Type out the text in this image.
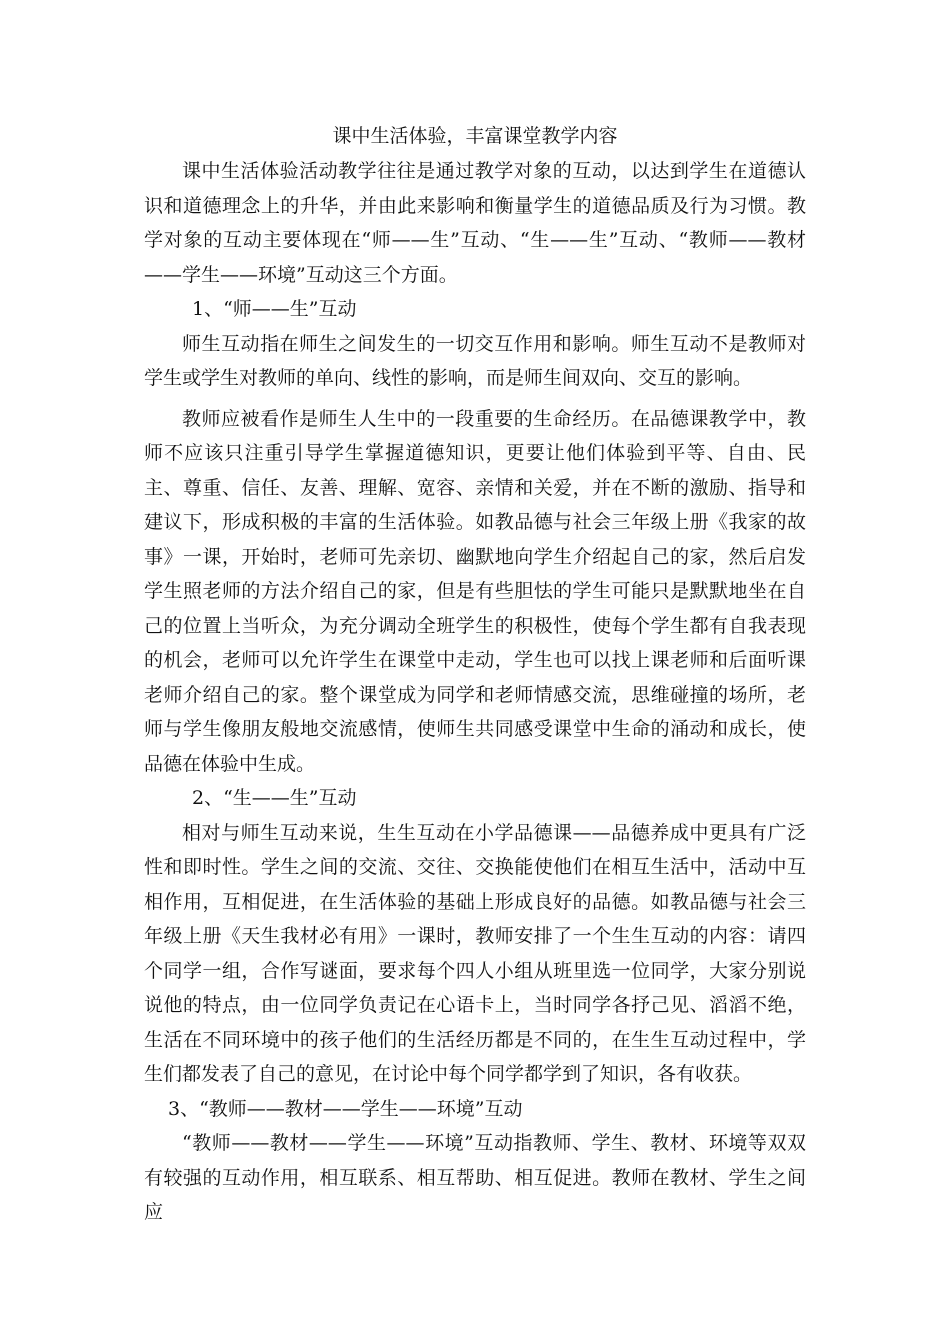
课中生活体验，丰富课堂教学内容

课中生活体验活动教学往往是通过教学对象的互动，以达到学生在道德认识和道德理念上的升华，并由此来影响和衡量学生的道德品质及行为习惯。教学对象的互动主要体现在“师——生”互动、“生——生”互动、“教师——教材——学生——环境”互动这三个方面。

1、“师——生”互动

师生互动指在师生之间发生的一切交互作用和影响。师生互动不是教师对学生或学生对教师的单向、线性的影响，而是师生间双向、交互的影响。

教师应被看作是师生人生中的一段重要的生命经历。在品德课教学中，教师不应该只注重引导学生掌握道德知识，更要让他们体验到平等、自由、民主、尊重、信任、友善、理解、宽容、亲情和关爱，并在不断的激励、指导和建议下，形成积极的丰富的生活体验。如教品德与社会三年级上册《我家的故事》一课，开始时，老师可先亲切、幽默地向学生介绍起自己的家，然后启发学生照老师的方法介绍自己的家，但是有些胆怯的学生可能只是默默地坐在自己的位置上当听众，为充分调动全班学生的积极性，使每个学生都有自我表现的机会，老师可以允许学生在课堂中走动，学生也可以找上课老师和后面听课老师介绍自己的家。整个课堂成为同学和老师情感交流，思维碰撞的场所，老师与学生像朋友般地交流感情，使师生共同感受课堂中生命的涌动和成长，使品德在体验中生成。

2、“生——生”互动

相对与师生互动来说，生生互动在小学品德课——品德养成中更具有广泛性和即时性。学生之间的交流、交往、交换能使他们在相互生活中，活动中互相作用，互相促进，在生活体验的基础上形成良好的品德。如教品德与社会三年级上册《天生我材必有用》一课时，教师安排了一个生生互动的内容：请四个同学一组，合作写谜面，要求每个四人小组从班里选一位同学，大家分别说说他的特点，由一位同学负责记在心语卡上，当时同学各抒己见、滔滔不绝，生活在不同环境中的孩子他们的生活经历都是不同的，在生生互动过程中，学生们都发表了自己的意见，在讨论中每个同学都学到了知识，各有收获。

3、“教师——教材——学生——环境”互动

“教师——教材——学生——环境”互动指教师、学生、教材、环境等双双有较强的互动作用，相互联系、相互帮助、相互促进。教师在教材、学生之间应
